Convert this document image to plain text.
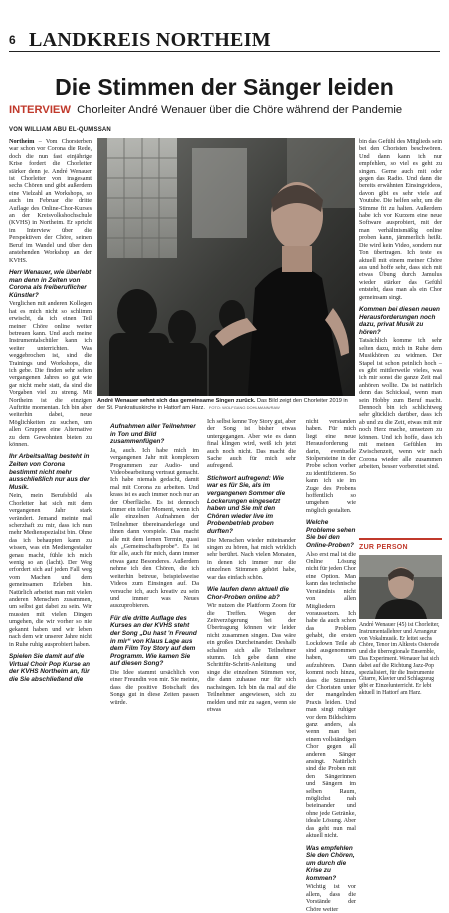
6 LANDKREIS NORTHEIM
Die Stimmen der Sänger leiden
INTERVIEW Chorleiter André Wenauer über die Chöre während der Pandemie
VON WILLIAM ABU EL-QUMSSAN

Northeim – Vom Chorsterben war schon vor Corona die Rede, doch die nun fast einjährige Krise fordert die Chorleiter stärker denn je. André Wenauer ist Chorleiter von insgesamt sechs Chören und gibt außerdem eine Vielzahl an Workshops, so auch im Februar die dritte Auflage des Online-Chor-Kurses an der Kreisvolkshochschule (KVHS) in Northeim. Er spricht im Interview über die Perspektiven der Chöre, seinen Beruf im Wandel und über den anstehenden Workshop an der KVHS.

Herr Wenauer, wie überlebt man denn in Zeiten von Corona als freiberuflicher Künstler?

Verglichen mit anderen Kollegen hat es mich nicht so schlimm erwischt, da ich einen Teil meiner Chöre online weiter betreuen kann. Und auch meine Instrumentalschüler kann ich weiter unterrichten. Was weggebrochen ist, sind die Trainings und Workshops, die ich gebe. Die finden sehr selten vergangenen Jahres so gut wie gar nicht mehr statt, da sind die Vorgaben viel zu streng. Mit Northeim ist die einzigen Auftritte momentan. Ich bin aber weiterhin dabei, neue Möglichkeiten zu suchen, um allen Gruppen eine Alternative zu dem Gewohnten bieten zu können.

Ihr Arbeitsalltag besteht in Zeiten von Corona bestimmt nicht mehr ausschließlich nur aus der Musik.

Nein, mein Berufsbild als Chorleiter hat sich mit dem vergangenen Jahr stark verändert. Jemand meinte mal scherzhaft zu mir, dass ich nun mehr Medienspezialist bin. Ohne das ich behaupten kann zu wissen, was ein Mediengestalter genau macht, fühle ich mich wenig so an (lacht). Der Weg erfordert sich auf jeden Fall weg vom Machen und dem gemeinsamen Erleben hin. Natürlich arbeitet man mit vielen anderen Menschen zusammen, um selbst gut dabei zu sein. Wir mussten mit vielen Dingen umgehen, die wir vorher so nie gekannt haben und wir leben nach dem wir unserer Jahre nicht in Ruhe ruhig ausprobiert haben.

Spielen Sie damit auf die Virtual Choir Pop Kurse an der KVHS Northeim an, für die Sie abschließend die

André Wenauer sehnt sich das gemeinsame Singen zurück. Das Bild zeigt den Chorleiter 2019 in der St. Pankratiuskirche in Hattorf am Harz. FOTO: WOLFGANG DOHLMANN/RAW

Aufnahmen aller Teilnehmer in Ton und Bild zusammenfügen?

Ja, auch. Ich habe mich im vergangenen Jahr mit komplexen Programmen zur Audio- und Videobearbeitung vertraut gemacht. Ich habe niemals gedacht, damit mal mit Corona zu arbeiten. Und krass ist es auch immer noch nur an der Oberfläche. Es ist dennoch immer ein toller Moment, wenn ich alle einzelnen Aufnahmen der Teilnehmer übereinanderlege und ihnen dann vorspiele. Das macht alle mit dem lernen Termin, quasi als „Gemeinschaftsprobe“. Es ist für alle, auch für mich, dann immer etwas ganz Besonderes. Außerdem nehme ich den Chören, die ich weiterhin betreue, beispielsweise Videos zum Einsingen auf. Da versuche ich, auch kreativ zu sein und immer was Neues auszuprobieren.

Für die dritte Auflage des Kurses an der KVHS steht der Song „Du hast 'n Freund in mir“ von Klaus Lage aus dem Film Toy Story auf dem Programm. Wie kamen Sie auf diesen Song?

Die Idee stammt ursächlich von einer Freundin von mir. Sie meinte, dass die positive Botschaft des Songs gut in diese Zeiten passen würde.

Ich selbst kenne Toy Story gut, aber der Song ist bisher etwas untergegangen. Aber wie es dann final klingen wird, weiß ich jetzt auch noch nicht. Das macht die Sache auch für mich sehr aufregend.

Stichwort aufregend: Wie war es für Sie, als im vergangenen Sommer die Lockerungen eingesetzt haben und Sie mit den Chören wieder live im Probenbetrieb proben durften?

Die Menschen wieder miteinander singen zu hören, hat mich wirklich sehr berührt. Nach vielen Monaten, in denen ich immer nur die einzelnen Stimmen gehört habe, war das einfach schön.

Wie laufen denn aktuell die Chor-Proben online ab?

Wir nutzen die Plattform Zoom für die Treffen. Wegen der Zeitverzögerung bei der Übertragung können wir leider nicht zusammen singen. Das wäre ein großes Durcheinander. Deshalb schalten sich alle Teilnehmer stumm. Ich gebe dann eine Schrittfür-Schritt-Anleitung und singe die einzelnen Stimmen vor, die dann zuhause nur für sich nachsingen. Ich bin da mal auf die Teilnehmer angewiesen, sich zu melden und mir zu sagen, wenn sie etwas

nicht verstanden haben. Für mich liegt eine neue Herausforderung darin, eventuelle Stolpersteine in der Probe schon vorher zu identifizieren. So kann ich sie im Zuge des Probens hoffentlich so umgehen wie möglich gestalten.

Welche Probleme sehen Sie bei den Online-Proben?

Also erst mal ist die Online Lösung nicht für jeden Chor eine Option. Man kann das technische Verständnis nicht von allen Mitgliedern voraussetzen. Ich habe da auch schon das Problem gehabt, die ersten Lockdown Teile ab sind ausgenommen haben, um aufzuhören. Dann kommt noch hinzu, dass die Stimmen der Choristen unter der mangelnden Praxis leiden. Und man singt ruhiger vor dem Bildschirm ganz anders, als wenn man bei einem vollständigen Chor gegen all anderen Sänger ansingt. Natürlich sind die Proben mit den Sängerinnen und Sängern im selben Raum, möglichst nah beieinander und ohne jede Getränke, ideale Lösung. Aber das geht nun mal aktuell nicht.

Was empfehlen Sie den Chören, um durch die Krise zu kommen?

Wichtig ist vor allem, dass die Vorstände der Chöre weiter

bin das Gefühl des Mitglieds sein bei den Choristen beschwören. Und dann kann ich nur empfehlen, so viel es geht zu singen. Gerne auch mit oder gegen das Radio. Und dann die bereits erwähnten Einsingvideos, davon gibt es sehr viele auf Youtube. Die helfen sehr, um die Stimme fit zu halten. Außerdem habe ich vor Kurzem eine neue Software ausprobiert, mit der man verhältnismäßig online proben kann, jämmerlich heißt. Die wird kein Video, sondern nur Ton übertragen. Ich teste es aktuell mit einem meiner Chöre aus und hoffe sehr, dass sich mit etwas Übung durch Jamulus wieder stärker das Gefühl entsteht, dass man als ein Chor gemeinsam singt.

Kommen bei diesen neuen Herausforderungen noch dazu, privat Musik zu hören?

Tatsächlich komme ich sehr selten dazu, mich in Ruhe dem Musikhören zu widmen. Der Stapel ist schon peinlich hoch – es gibt mittlerweile vieles, was ich mir sonst die ganze Zeit mal anhören wollte. Da ist natürlich denn das Schicksal, wenn man sein Hobby zum Beruf macht. Dennoch bin ich schlichtweg sehr glücklich darüber, dass ich ab und zu die Zeit, etwas mit mir noch Herz mache, umsetzen zu können. Und ich hoffe, dass ich mit meinen Gefühlen im Zwischenzeit, wenn wir nach Corona wieder alle zusammen arbeiten, besser vorbereitet sind.

ZUR PERSON

André Wenauer (45) ist Chorleiter, Instrumentallehrer und Arrangeur von Vokalmusik. Er leitet sechs Chöre, Tenor im Altkreis Osterode und die überregionale Ensemble, Das Experiment. Wenauer hat sich dabei auf die Richtung Jazz-Pop spezialisiert, für die Instrumente Gitarre, Klavier und Schlagzeug gibt er Einzelunterricht. Er lebt aktuell in Hattorf am Harz.
